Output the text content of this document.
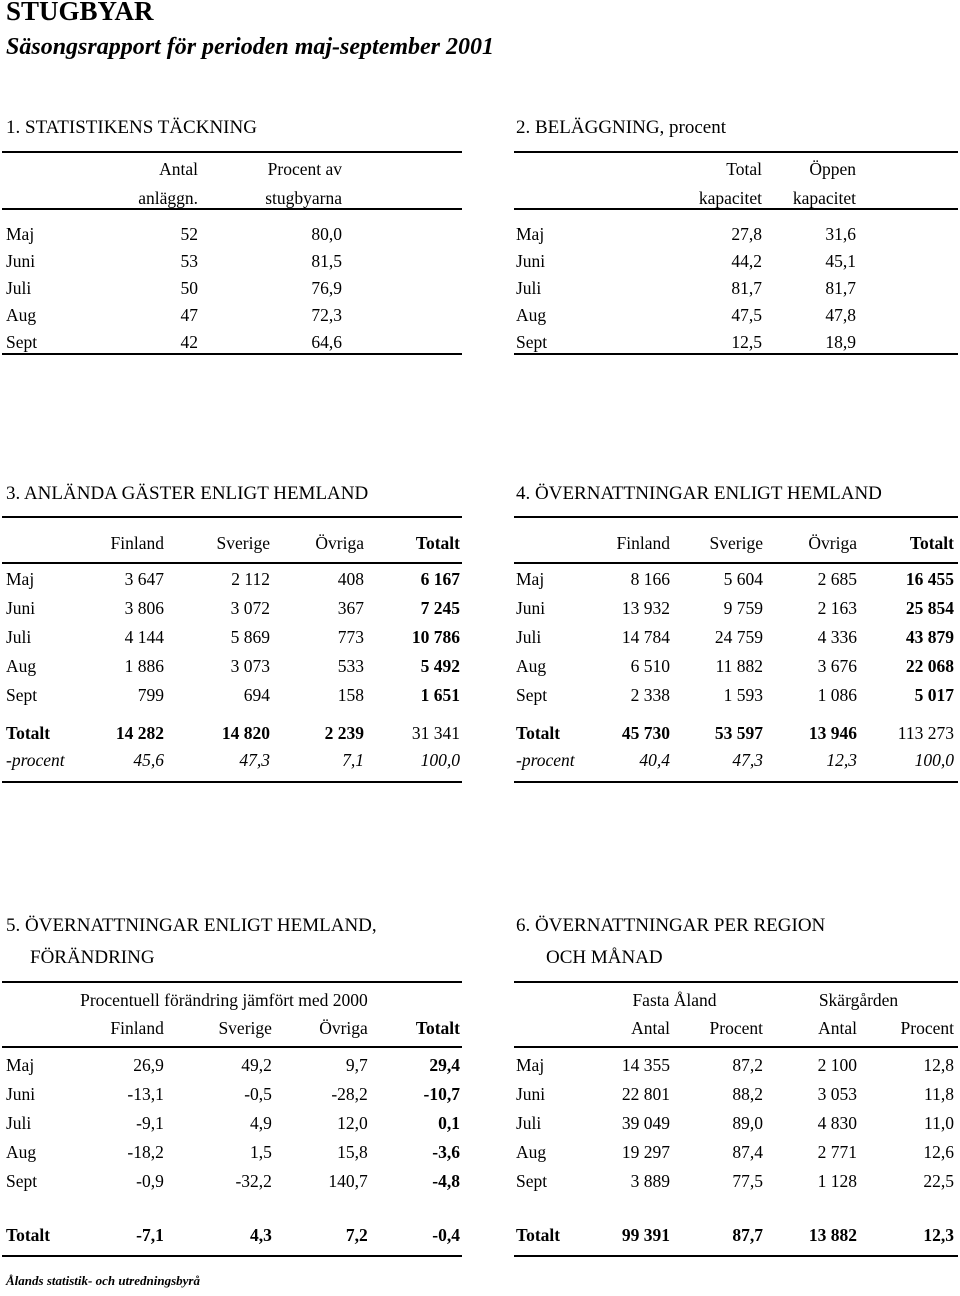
STUGBYAR
Säsongsrapport för perioden maj-september 2001
1. STATISTIKENS TÄCKNING
	Antal	Procent av
	anläggn.	stugbyarna

Maj	52	80,0
Juni	53	81,5
Juli	50	76,9
Aug	47	72,3
Sept	42	64,6
2. BELÄGGNING, procent
	Total	Öppen
	kapacitet	kapacitet

Maj	27,8	31,6
Juni	44,2	45,1
Juli	81,7	81,7
Aug	47,5	47,8
Sept	12,5	18,9
3. ANLÄNDA GÄSTER ENLIGT HEMLAND
	Finland	Sverige	Övriga	Totalt

Maj	3 647	2 112	408	6 167
Juni	3 806	3 072	367	7 245
Juli	4 144	5 869	773	10 786
Aug	1 886	3 073	533	5 492
Sept	799	694	158	1 651

Totalt	14 282	14 820	2 239	31 341
-procent	45,6	47,3	7,1	100,0
4. ÖVERNATTNINGAR ENLIGT HEMLAND
	Finland	Sverige	Övriga	Totalt

Maj	8 166	5 604	2 685	16 455
Juni	13 932	9 759	2 163	25 854
Juli	14 784	24 759	4 336	43 879
Aug	6 510	11 882	3 676	22 068
Sept	2 338	1 593	1 086	5 017

Totalt	45 730	53 597	13 946	113 273
-procent	40,4	47,3	12,3	100,0
5. ÖVERNATTNINGAR ENLIGT HEMLAND,
FÖRÄNDRING
	Procentuell förändring jämfört med 2000			
	Finland	Sverige	Övriga	Totalt

Maj	26,9	49,2	9,7	29,4
Juni	-13,1	-0,5	-28,2	-10,7
Juli	-9,1	4,9	12,0	0,1
Aug	-18,2	1,5	15,8	-3,6
Sept	-0,9	-32,2	140,7	-4,8

Totalt	-7,1	4,3	7,2	-0,4
6. ÖVERNATTNINGAR PER REGION
OCH MÅNAD
	Fasta Åland		Skärgården	
	Antal	Procent	Antal	Procent

Maj	14 355	87,2	2 100	12,8
Juni	22 801	88,2	3 053	11,8
Juli	39 049	89,0	4 830	11,0
Aug	19 297	87,4	2 771	12,6
Sept	3 889	77,5	1 128	22,5

Totalt	99 391	87,7	13 882	12,3
Ålands statistik- och utredningsbyrå
